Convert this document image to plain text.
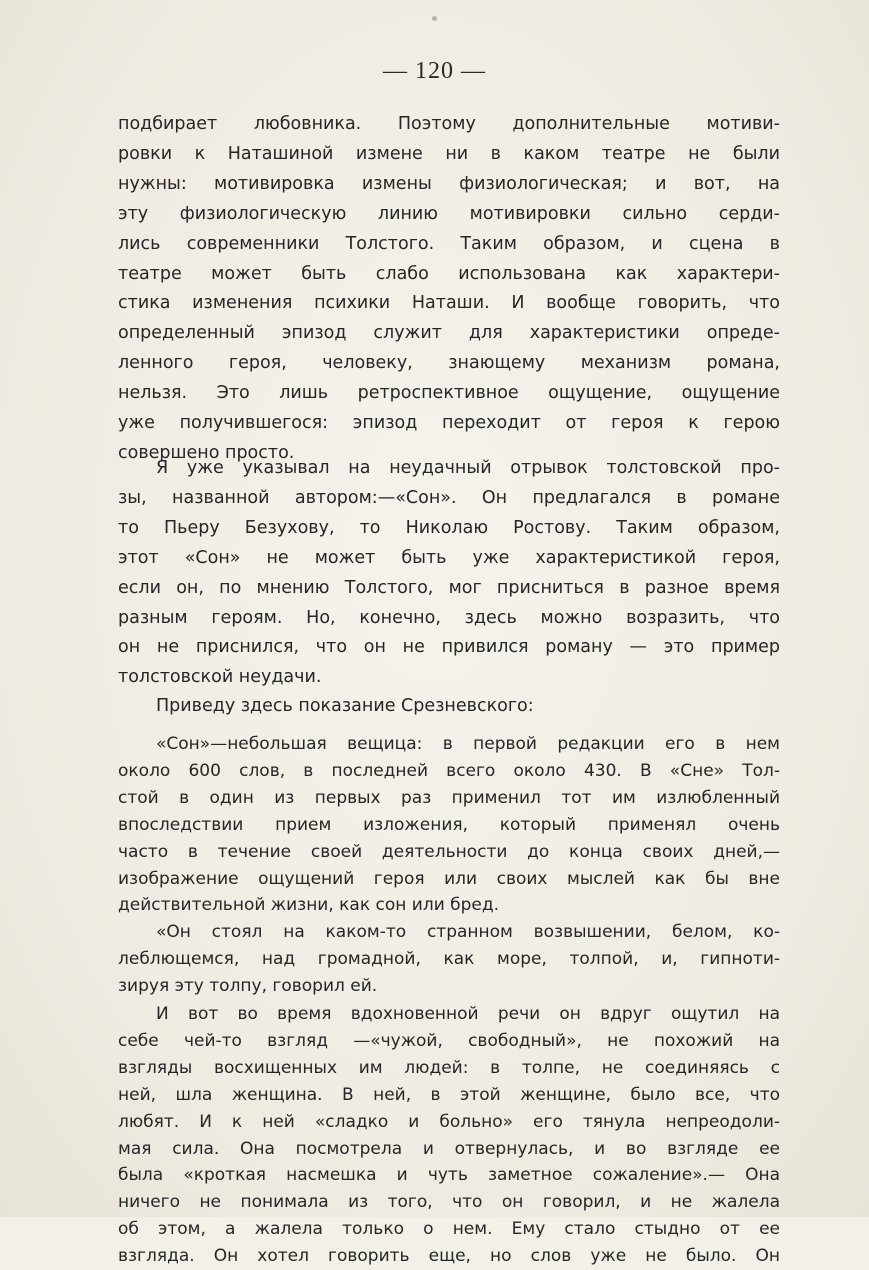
— 120 —
подбирает любовника. Поэтому дополнительные мотиви-
ровки к Наташиной измене ни в каком театре не были
нужны: мотивировка измены физиологическая; и вот, на
эту физиологическую линию мотивировки сильно серди-
лись современники Толстого. Таким образом, и сцена в
театре может быть слабо использована как характери-
стика изменения психики Наташи. И вообще говорить, что
определенный эпизод служит для характеристики опреде-
ленного героя, человеку, знающему механизм романа,
нельзя. Это лишь ретроспективное ощущение, ощущение
уже получившегося: эпизод переходит от героя к герою
совершено просто.
Я уже указывал на неудачный отрывок толстовской про-
зы, названной автором:—«Сон». Он предлагался в романе
то Пьеру Безухову, то Николаю Ростову. Таким образом,
этот «Сон» не может быть уже характеристикой героя,
если он, по мнению Толстого, мог присниться в разное время
разным героям. Но, конечно, здесь можно возразить, что
он не приснился, что он не привился роману — это пример
толстовской неудачи.
Приведу здесь показание Срезневского:
«Сон»—небольшая вещица: в первой редакции его в нем
около 600 слов, в последней всего около 430. В «Сне» Тол-
стой в один из первых раз применил тот им излюбленный
впоследствии прием изложения, который применял очень
часто в течение своей деятельности до конца своих дней,—
изображение ощущений героя или своих мыслей как бы вне
действительной жизни, как сон или бред.
«Он стоял на каком-то странном возвышении, белом, ко-
леблющемся, над громадной, как море, толпой, и, гипноти-
зируя эту толпу, говорил ей.
И вот во время вдохновенной речи он вдруг ощутил на
себе чей-то взгляд —«чужой, свободный», не похожий на
взгляды восхищенных им людей: в толпе, не соединяясь с
ней, шла женщина. В ней, в этой женщине, было все, что
любят. И к ней «сладко и больно» его тянула непреодоли-
мая сила. Она посмотрела и отвернулась, и во взгляде ее
была «кроткая насмешка и чуть заметное сожаление».— Она
ничего не понимала из того, что он говорил, и не жалела
об этом, а жалела только о нем. Ему стало стыдно от ее
взгляда. Он хотел говорить еще, но слов уже не было. Он
